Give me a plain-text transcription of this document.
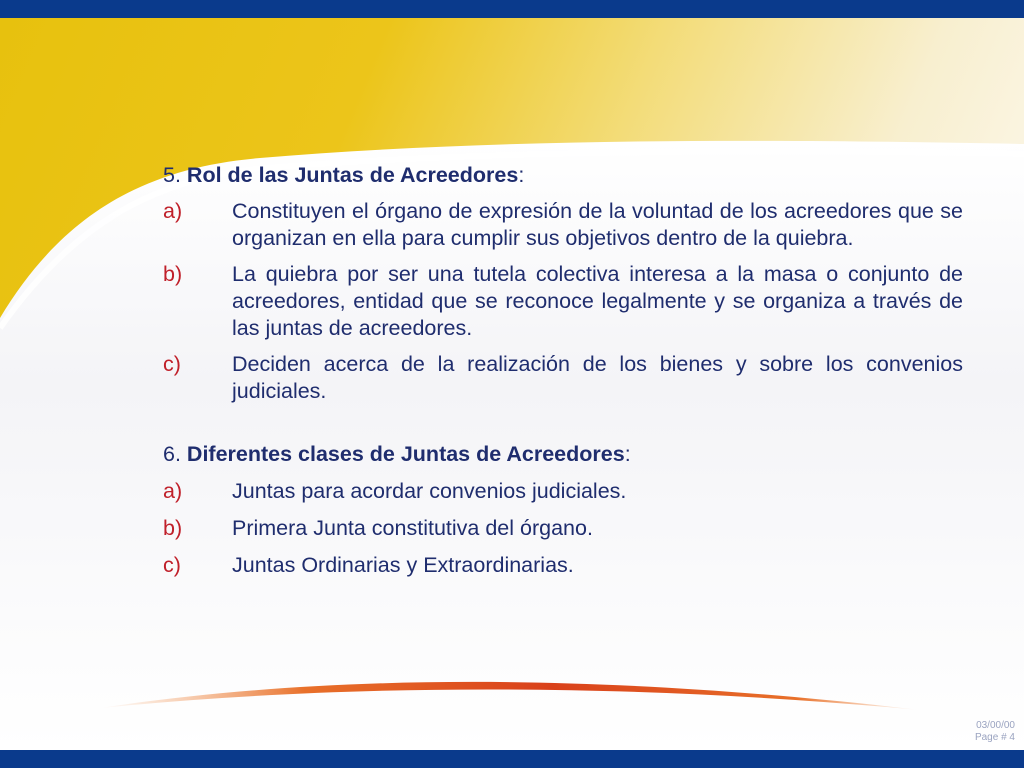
5. Rol de las Juntas de Acreedores:

a) Constituyen el órgano de expresión de la voluntad de los acreedores que se organizan en ella para cumplir sus objetivos dentro de la quiebra.
b) La quiebra por ser una tutela colectiva interesa a la masa o conjunto de acreedores, entidad que se reconoce legalmente y se organiza a través de las juntas de acreedores.
c) Deciden acerca de la realización de los bienes y sobre los convenios judiciales.

6. Diferentes clases de Juntas de Acreedores:

a) Juntas para acordar convenios judiciales.
b) Primera Junta constitutiva del órgano.
c) Juntas Ordinarias y Extraordinarias.
03/00/00
Page # 4
